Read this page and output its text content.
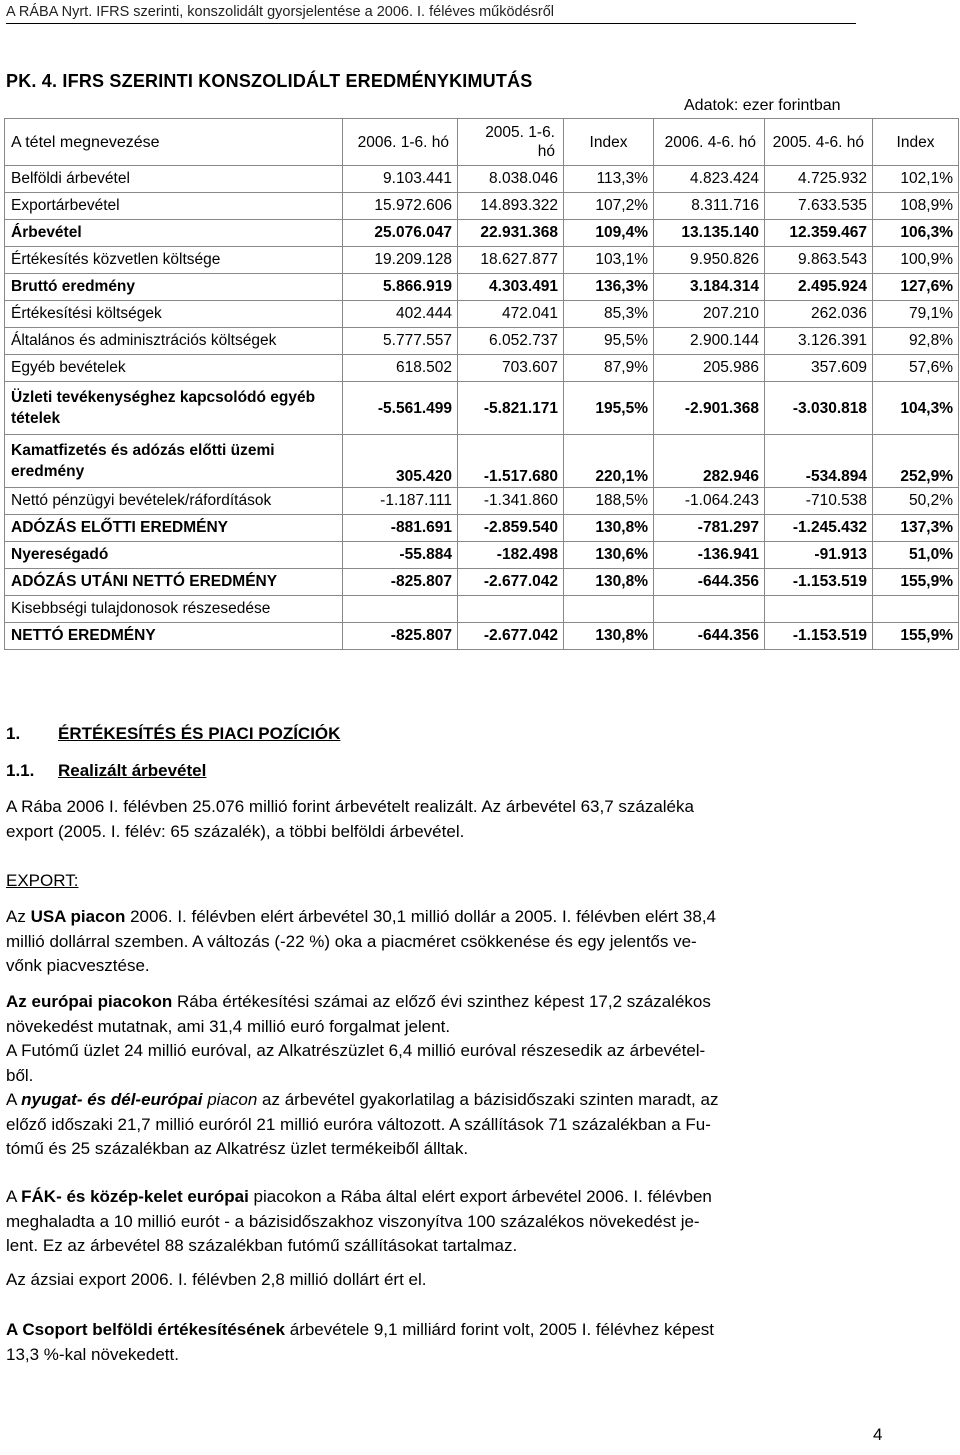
A RÁBA Nyrt. IFRS szerinti, konszolidált gyorsjelentése a 2006. I. féléves működésről
PK. 4. IFRS SZERINTI KONSZOLIDÁLT EREDMÉNYKIMUTÁS
Adatok: ezer forintban
A tétel megnevezése	2006. 1-6. hó	2005. 1-6. hó	Index	2006. 4-6. hó	2005. 4-6. hó	Index
Belföldi árbevétel	9.103.441	8.038.046	113,3%	4.823.424	4.725.932	102,1%
Exportárbevétel	15.972.606	14.893.322	107,2%	8.311.716	7.633.535	108,9%
Árbevétel	25.076.047	22.931.368	109,4%	13.135.140	12.359.467	106,3%
Értékesítés közvetlen költsége	19.209.128	18.627.877	103,1%	9.950.826	9.863.543	100,9%
Bruttó eredmény	5.866.919	4.303.491	136,3%	3.184.314	2.495.924	127,6%
Értékesítési költségek	402.444	472.041	85,3%	207.210	262.036	79,1%
Általános és adminisztrációs költségek	5.777.557	6.052.737	95,5%	2.900.144	3.126.391	92,8%
Egyéb bevételek	618.502	703.607	87,9%	205.986	357.609	57,6%
Üzleti tevékenységhez kapcsolódó egyéb tételek	-5.561.499	-5.821.171	195,5%	-2.901.368	-3.030.818	104,3%
Kamatfizetés és adózás előtti üzemi eredmény	305.420	-1.517.680	220,1%	282.946	-534.894	252,9%
Nettó pénzügyi bevételek/ráfordítások	-1.187.111	-1.341.860	188,5%	-1.064.243	-710.538	50,2%
ADÓZÁS ELŐTTI EREDMÉNY	-881.691	-2.859.540	130,8%	-781.297	-1.245.432	137,3%
Nyereségadó	-55.884	-182.498	130,6%	-136.941	-91.913	51,0%
ADÓZÁS UTÁNI NETTÓ EREDMÉNY	-825.807	-2.677.042	130,8%	-644.356	-1.153.519	155,9%
Kisebbségi tulajdonosok részesedése						
NETTÓ EREDMÉNY	-825.807	-2.677.042	130,8%	-644.356	-1.153.519	155,9%
1. ÉRTÉKESÍTÉS ÉS PIACI POZÍCIÓK
1.1. Realizált árbevétel
A Rába 2006 I. félévben 25.076 millió forint árbevételt realizált. Az árbevétel 63,7 százaléka
export (2005. I. félév: 65 százalék), a többi belföldi árbevétel.
EXPORT:
Az USA piacon 2006. I. félévben elért árbevétel 30,1 millió dollár a 2005. I. félévben elért 38,4
millió dollárral szemben. A változás (-22 %) oka a piacméret csökkenése és egy jelentős ve-
vőnk piacvesztése.
Az európai piacokon Rába értékesítési számai az előző évi szinthez képest 17,2 százalékos
növekedést mutatnak, ami 31,4 millió euró forgalmat jelent.
A Futómű üzlet 24 millió euróval, az Alkatrészüzlet 6,4 millió euróval részesedik az árbevétel-
ből.
A nyugat- és dél-európai piacon az árbevétel gyakorlatilag a bázisidőszaki szinten maradt, az
előző időszaki 21,7 millió euróról 21 millió euróra változott. A szállítások 71 százalékban a Fu-
tómű és 25 százalékban az Alkatrész üzlet termékeiből álltak.
A FÁK- és közép-kelet európai piacokon a Rába által elért export árbevétel 2006. I. félévben
meghaladta a 10 millió eurót - a bázisidőszakhoz viszonyítva 100 százalékos növekedést je-
lent. Ez az árbevétel 88 százalékban futómű szállításokat tartalmaz.
Az ázsiai export 2006. I. félévben 2,8 millió dollárt ért el.
A Csoport belföldi értékesítésének árbevétele 9,1 milliárd forint volt, 2005 I. félévhez képest
13,3 %-kal növekedett.
4
